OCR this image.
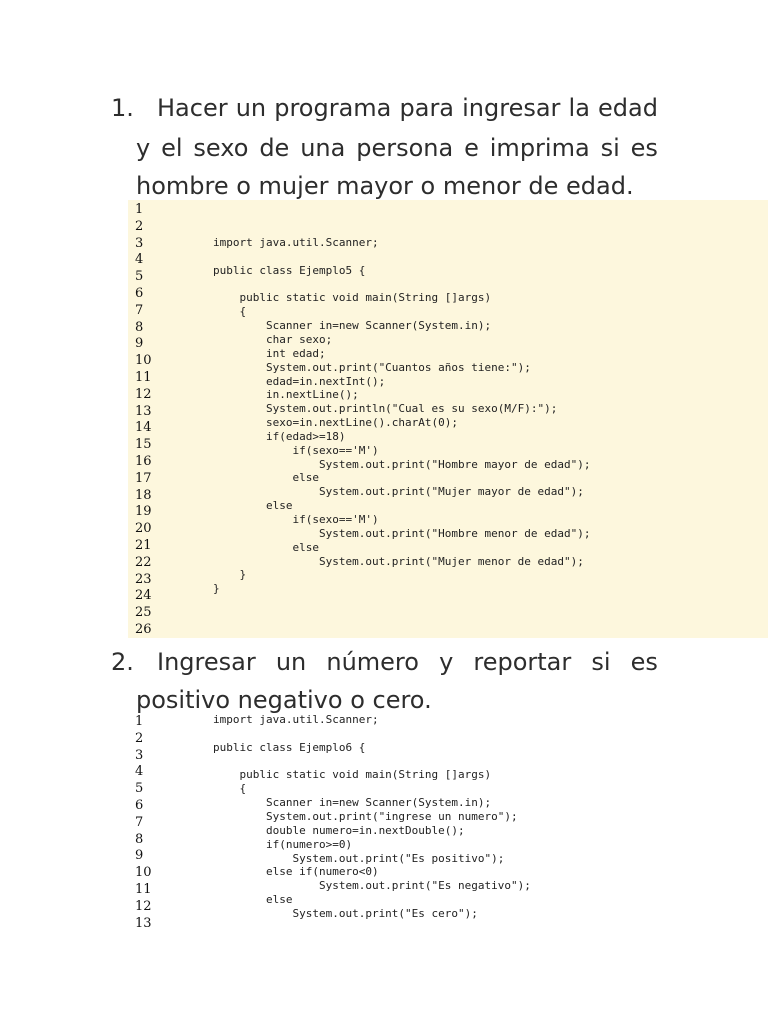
1. Hacer un programa para ingresar la edad
y el sexo de una persona e imprima si es
hombre o mujer mayor o menor de edad.
1
2
3
4
5
6
7
8
9
10
11
12
13
14
15
16
17
18
19
20
21
22
23
24
25
26
import java.util.Scanner;
public class Ejemplo5 {
public static void main(String []args)
{
Scanner in=new Scanner(System.in);
char sexo;
int edad;
System.out.print("Cuantos años tiene:");
edad=in.nextInt();
in.nextLine();
System.out.println("Cual es su sexo(M/F):");
sexo=in.nextLine().charAt(0);
if(edad>=18)
if(sexo=='M')
System.out.print("Hombre mayor de edad");
else
System.out.print("Mujer mayor de edad");
else
if(sexo=='M')
System.out.print("Hombre menor de edad");
else
System.out.print("Mujer menor de edad");
}
}
2. Ingresar un número y reportar si es
positivo negativo o cero.
1
2
3
4
5
6
7
8
9
10
11
12
13
import java.util.Scanner;
public class Ejemplo6 {
public static void main(String []args)
{
Scanner in=new Scanner(System.in);
System.out.print("ingrese un numero");
double numero=in.nextDouble();
if(numero>=0)
System.out.print("Es positivo");
else if(numero<0)
System.out.print("Es negativo");
else
System.out.print("Es cero");
